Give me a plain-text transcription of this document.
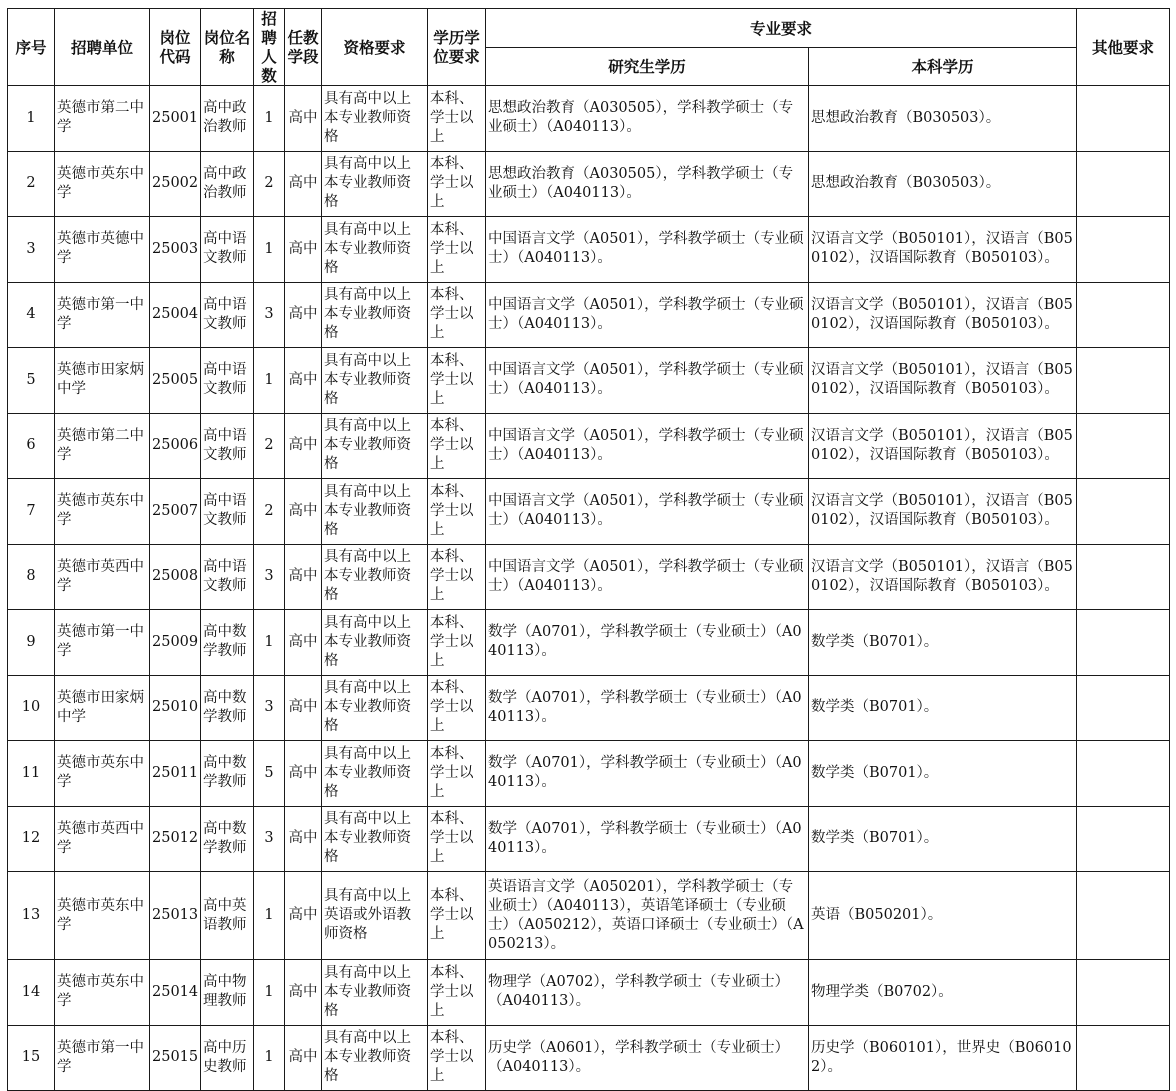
序号	招聘单位	岗位代码	岗位名称	招聘人数	任教学段	资格要求	学历学位要求	专业要求		其他要求
								研究生学历	本科学历	
1	英德市第二中学	25001	高中政治教师	1	高中	具有高中以上本专业教师资格	本科、学士以上	思想政治教育（A030505），学科教学硕士（专业硕士）（A040113）。	思想政治教育（B030503）。	
2	英德市英东中学	25002	高中政治教师	2	高中	具有高中以上本专业教师资格	本科、学士以上	思想政治教育（A030505），学科教学硕士（专业硕士）（A040113）。	思想政治教育（B030503）。	
3	英德市英德中学	25003	高中语文教师	1	高中	具有高中以上本专业教师资格	本科、学士以上	中国语言文学（A0501），学科教学硕士（专业硕士）（A040113）。	汉语言文学（B050101），汉语言（B050102），汉语国际教育（B050103）。	
4	英德市第一中学	25004	高中语文教师	3	高中	具有高中以上本专业教师资格	本科、学士以上	中国语言文学（A0501），学科教学硕士（专业硕士）（A040113）。	汉语言文学（B050101），汉语言（B050102），汉语国际教育（B050103）。	
5	英德市田家炳中学	25005	高中语文教师	1	高中	具有高中以上本专业教师资格	本科、学士以上	中国语言文学（A0501），学科教学硕士（专业硕士）（A040113）。	汉语言文学（B050101），汉语言（B050102），汉语国际教育（B050103）。	
6	英德市第二中学	25006	高中语文教师	2	高中	具有高中以上本专业教师资格	本科、学士以上	中国语言文学（A0501），学科教学硕士（专业硕士）（A040113）。	汉语言文学（B050101），汉语言（B050102），汉语国际教育（B050103）。	
7	英德市英东中学	25007	高中语文教师	2	高中	具有高中以上本专业教师资格	本科、学士以上	中国语言文学（A0501），学科教学硕士（专业硕士）（A040113）。	汉语言文学（B050101），汉语言（B050102），汉语国际教育（B050103）。	
8	英德市英西中学	25008	高中语文教师	3	高中	具有高中以上本专业教师资格	本科、学士以上	中国语言文学（A0501），学科教学硕士（专业硕士）（A040113）。	汉语言文学（B050101），汉语言（B050102），汉语国际教育（B050103）。	
9	英德市第一中学	25009	高中数学教师	1	高中	具有高中以上本专业教师资格	本科、学士以上	数学（A0701），学科教学硕士（专业硕士）（A040113）。	数学类（B0701）。	
10	英德市田家炳中学	25010	高中数学教师	3	高中	具有高中以上本专业教师资格	本科、学士以上	数学（A0701），学科教学硕士（专业硕士）（A040113）。	数学类（B0701）。	
11	英德市英东中学	25011	高中数学教师	5	高中	具有高中以上本专业教师资格	本科、学士以上	数学（A0701），学科教学硕士（专业硕士）（A040113）。	数学类（B0701）。	
12	英德市英西中学	25012	高中数学教师	3	高中	具有高中以上本专业教师资格	本科、学士以上	数学（A0701），学科教学硕士（专业硕士）（A040113）。	数学类（B0701）。	
13	英德市英东中学	25013	高中英语教师	1	高中	具有高中以上英语或外语教师资格	本科、学士以上	英语语言文学（A050201），学科教学硕士（专业硕士）（A040113），英语笔译硕士（专业硕士）（A050212），英语口译硕士（专业硕士）（A050213）。	英语（B050201）。	
14	英德市英东中学	25014	高中物理教师	1	高中	具有高中以上本专业教师资格	本科、学士以上	物理学（A0702），学科教学硕士（专业硕士）（A040113）。	物理学类（B0702）。	
15	英德市第一中学	25015	高中历史教师	1	高中	具有高中以上本专业教师资格	本科、学士以上	历史学（A0601），学科教学硕士（专业硕士）（A040113）。	历史学（B060101），世界史（B060102）。	
